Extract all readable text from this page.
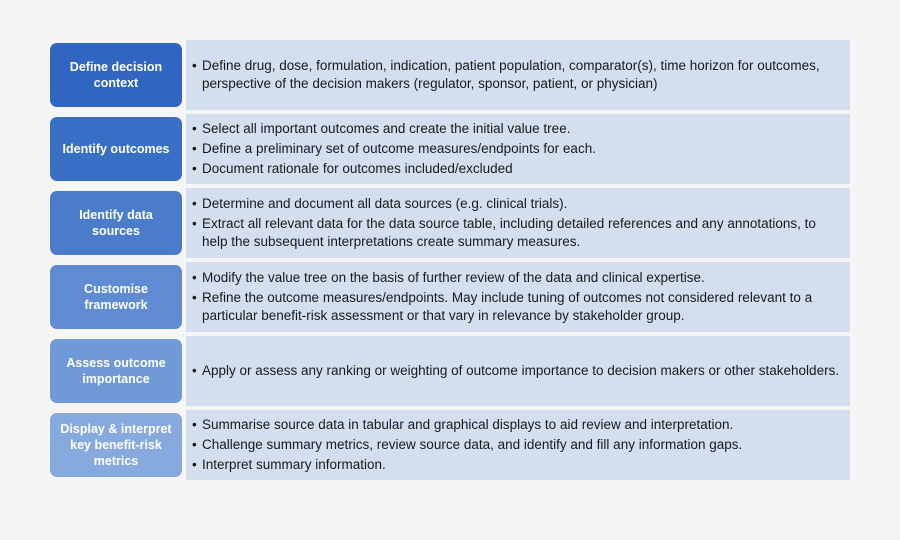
Define decision
context
• Define drug, dose, formulation, indication, patient population, comparator(s), time horizon for outcomes, perspective of the decision makers (regulator, sponsor, patient, or physician)
Identify outcomes
• Select all important outcomes and create the initial value tree.
• Define a preliminary set of outcome measures/endpoints for each.
• Document rationale for outcomes included/excluded
Identify data
sources
• Determine and document all data sources (e.g. clinical trials).
• Extract all relevant data for the data source table, including detailed references and any annotations, to help the subsequent interpretations create summary measures.
Customise
framework
• Modify the value tree on the basis of further review of the data and clinical expertise.
• Refine the outcome measures/endpoints. May include tuning of outcomes not considered relevant to a particular benefit-risk assessment or that vary in relevance by stakeholder group.
Assess outcome
importance
• Apply or assess any ranking or weighting of outcome importance to decision makers or other stakeholders.
Display & interpret
key benefit-risk
metrics
• Summarise source data in tabular and graphical displays to aid review and interpretation.
• Challenge summary metrics, review source data, and identify and fill any information gaps.
• Interpret summary information.
